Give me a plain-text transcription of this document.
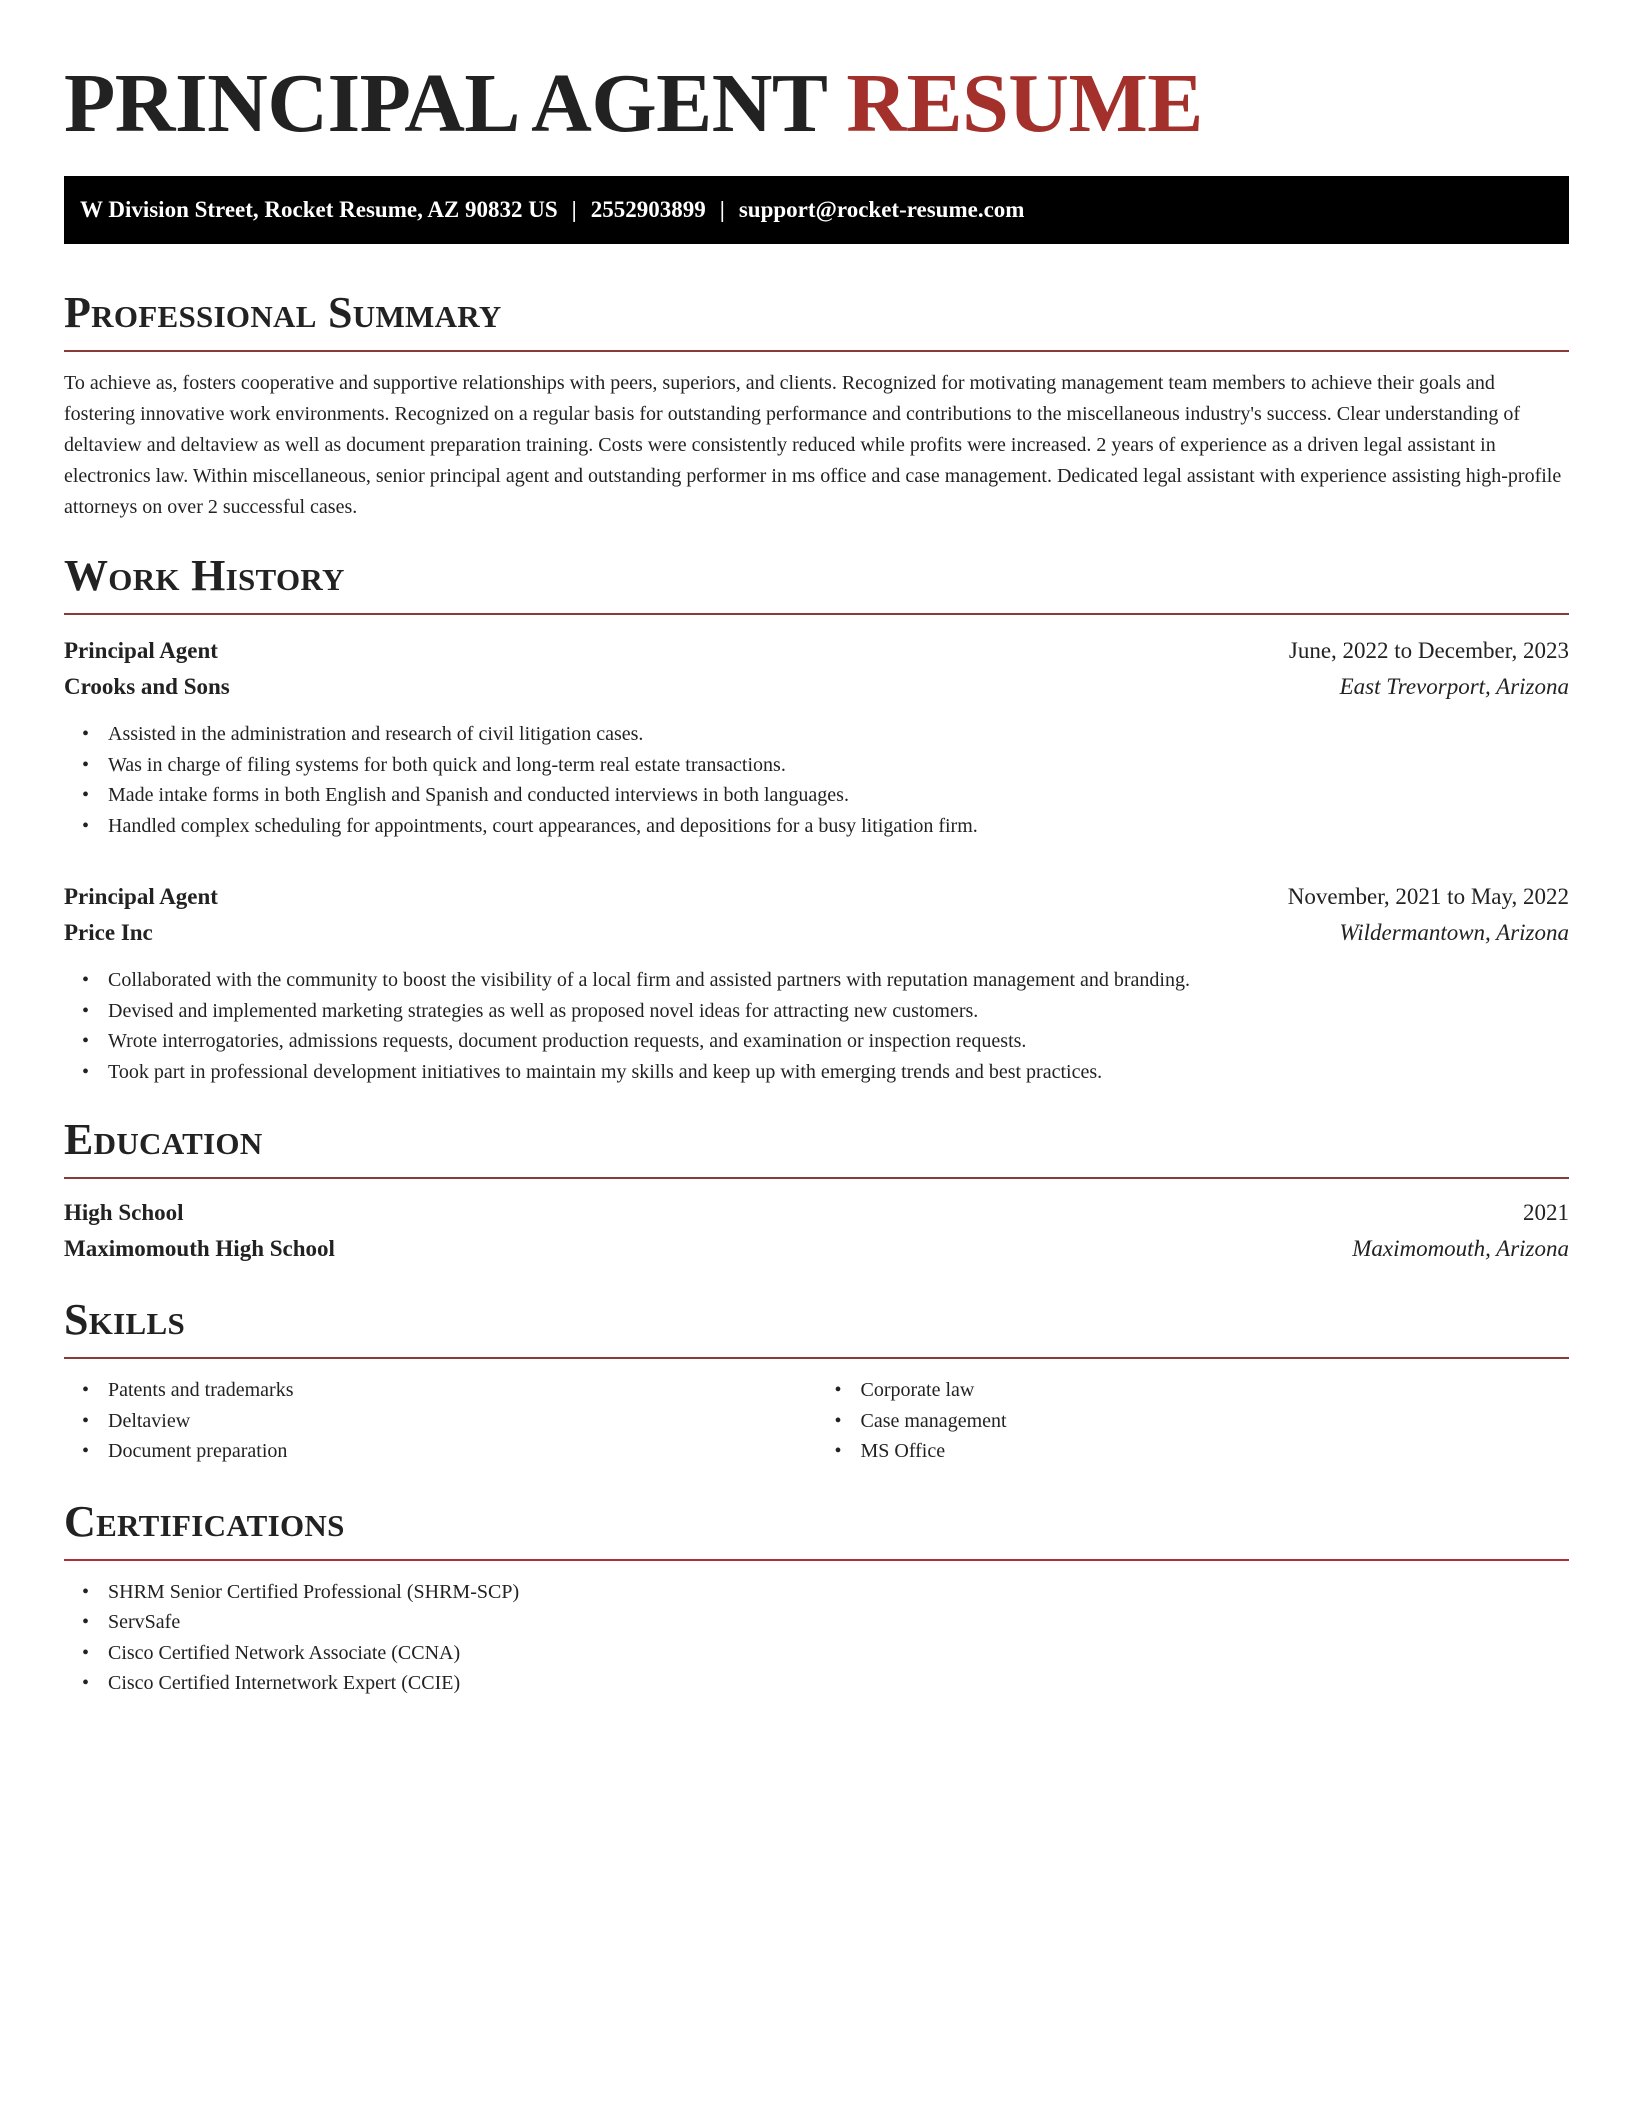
PRINCIPAL AGENT RESUME
W Division Street, Rocket Resume, AZ 90832 US | 2552903899 | support@rocket-resume.com
Professional Summary

To achieve as, fosters cooperative and supportive relationships with peers, superiors, and clients. Recognized for motivating management team members to achieve their goals and fostering innovative work environments. Recognized on a regular basis for outstanding performance and contributions to the miscellaneous industry's success. Clear understanding of deltaview and deltaview as well as document preparation training. Costs were consistently reduced while profits were increased. 2 years of experience as a driven legal assistant in electronics law. Within miscellaneous, senior principal agent and outstanding performer in ms office and case management. Dedicated legal assistant with experience assisting high-profile attorneys on over 2 successful cases.

Work History
Principal Agent	June, 2022 to December, 2023
Crooks and Sons	East Trevorport, Arizona
• Assisted in the administration and research of civil litigation cases.
• Was in charge of filing systems for both quick and long-term real estate transactions.
• Made intake forms in both English and Spanish and conducted interviews in both languages.
• Handled complex scheduling for appointments, court appearances, and depositions for a busy litigation firm.
Principal Agent	November, 2021 to May, 2022
Price Inc	Wildermantown, Arizona
• Collaborated with the community to boost the visibility of a local firm and assisted partners with reputation management and branding.
• Devised and implemented marketing strategies as well as proposed novel ideas for attracting new customers.
• Wrote interrogatories, admissions requests, document production requests, and examination or inspection requests.
• Took part in professional development initiatives to maintain my skills and keep up with emerging trends and best practices.
Education
High School	2021
Maximomouth High School	Maximomouth, Arizona
Skills
• Patents and trademarks
• Deltaview
• Document preparation
• Corporate law
• Case management
• MS Office
Certifications
• SHRM Senior Certified Professional (SHRM-SCP)
• ServSafe
• Cisco Certified Network Associate (CCNA)
• Cisco Certified Internetwork Expert (CCIE)
